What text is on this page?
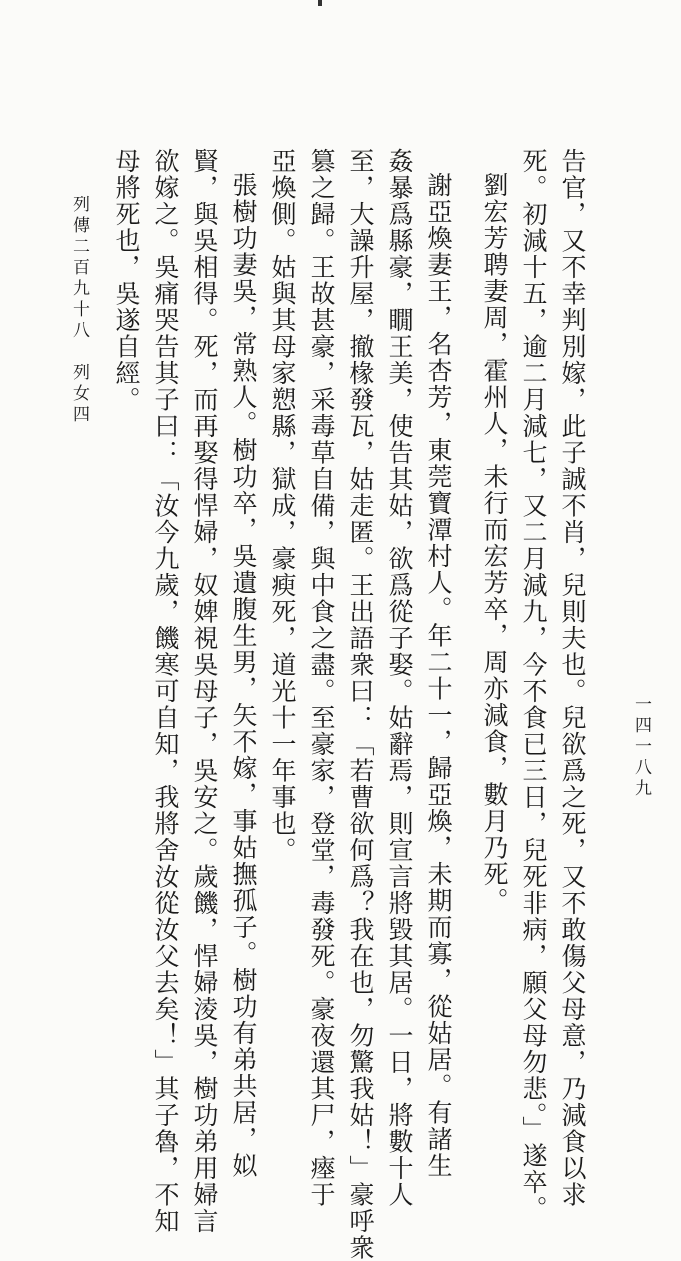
告官，又不幸判別嫁，此子誠不肖，兒則夫也。兒欲爲之死，又不敢傷父母意，乃減食以求
死。初減十五，逾二月減七，又二月減九，今不食已三日，兒死非病，願父母勿悲。」遂卒。
劉宏芳聘妻周，霍州人，未行而宏芳卒，周亦減食，數月乃死。
謝亞煥妻王，名杏芳，東莞寶潭村人。年二十一，歸亞煥，未期而寡，從姑居。有諸生
姦暴爲縣豪，瞯王美，使告其姑，欲爲從子娶。姑辭焉，則宣言將毀其居。一日，將數十人
至，大譟升屋，撤椽發瓦，姑走匿。王出語衆曰：「若曹欲何爲？我在也，勿驚我姑！」豪呼衆
篡之歸。王故甚豪，采毒草自備，與中食之盡。至豪家，登堂，毒發死。豪夜還其尸，瘞于
亞煥側。姑與其母家愬縣，獄成，豪瘐死，道光十一年事也。
張樹功妻吳，常熟人。樹功卒，吳遺腹生男，矢不嫁，事姑撫孤子。樹功有弟共居，姒
賢，與吳相得。死，而再娶得悍婦，奴婢視吳母子，吳安之。歲饑，悍婦淩吳，樹功弟用婦言
欲嫁之。吳痛哭告其子曰：「汝今九歲，饑寒可自知，我將舍汝從汝父去矣！」其子魯，不知
母將死也，吳遂自經。
列傳二百九十八　列女四
一四一八九
